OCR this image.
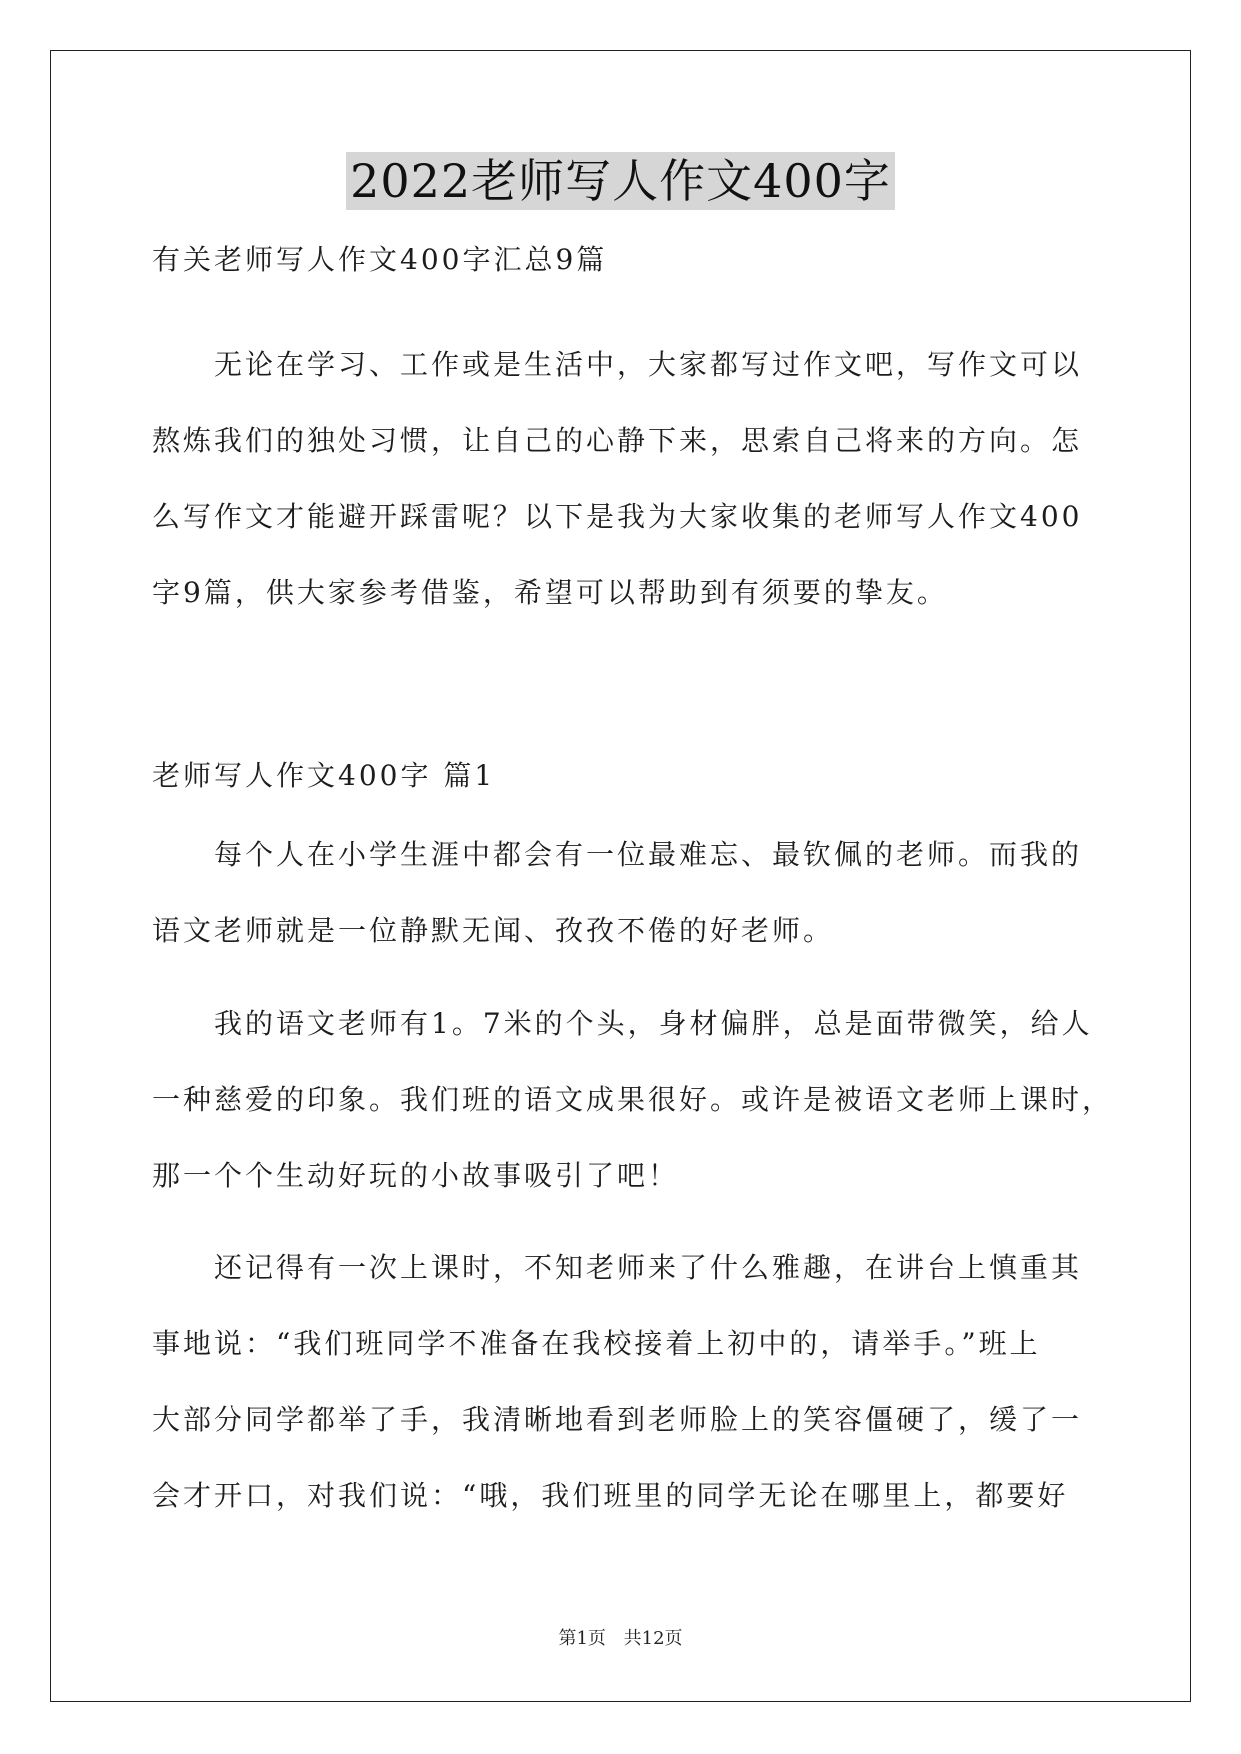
2022老师写人作文400字
有关老师写人作文400字汇总9篇
无论在学习、工作或是生活中，大家都写过作文吧，写作文可以
熬炼我们的独处习惯，让自己的心静下来，思索自己将来的方向。怎
么写作文才能避开踩雷呢？以下是我为大家收集的老师写人作文400
字9篇，供大家参考借鉴，希望可以帮助到有须要的挚友。
老师写人作文400字 篇1
每个人在小学生涯中都会有一位最难忘、最钦佩的老师。而我的
语文老师就是一位静默无闻、孜孜不倦的好老师。
我的语文老师有1。7米的个头，身材偏胖，总是面带微笑，给人
一种慈爱的印象。我们班的语文成果很好。或许是被语文老师上课时，
那一个个生动好玩的小故事吸引了吧！
还记得有一次上课时，不知老师来了什么雅趣，在讲台上慎重其
事地说：“我们班同学不准备在我校接着上初中的，请举手。”班上
大部分同学都举了手，我清晰地看到老师脸上的笑容僵硬了，缓了一
会才开口，对我们说：“哦，我们班里的同学无论在哪里上，都要好
第1页 共12页
